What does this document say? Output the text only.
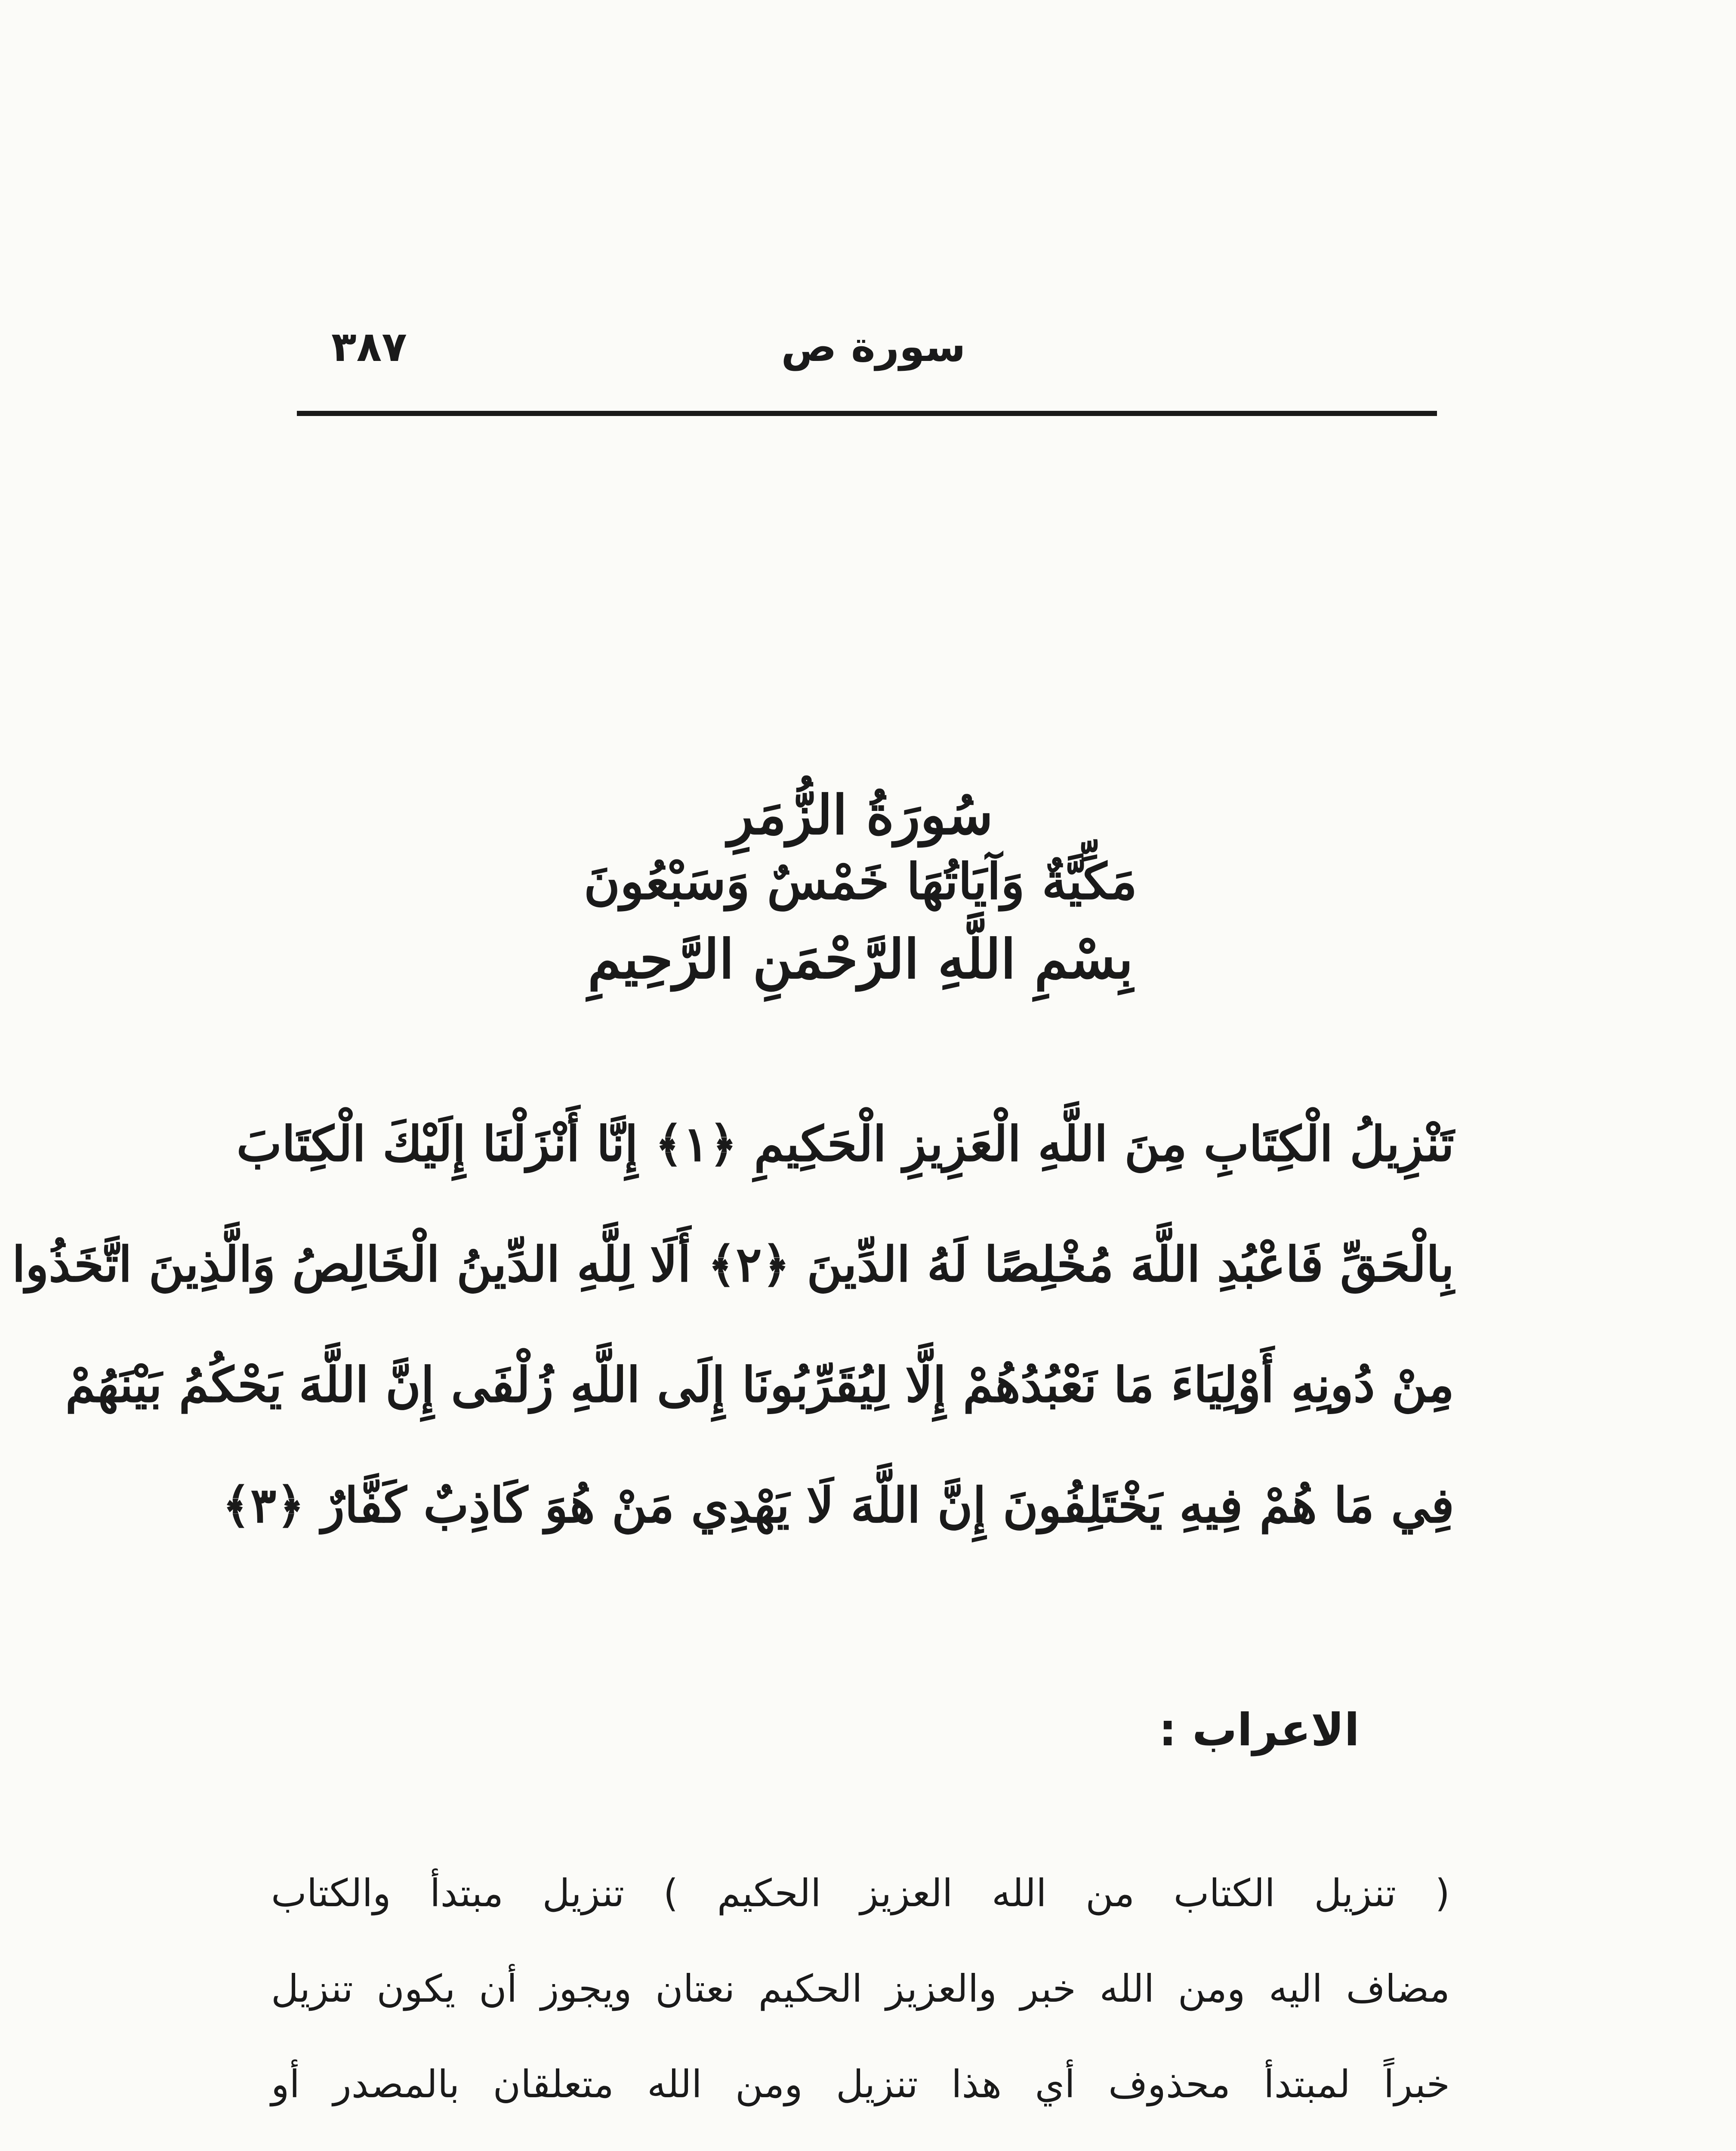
٣٨٧	سورة ص
سُورَةُ الزُّمَرِ
مَكِّيَّةٌ وَآيَاتُهَا خَمْسٌ وَسَبْعُونَ
بِسْمِ اللَّهِ الرَّحْمَنِ الرَّحِيمِ
تَنْزِيلُ الْكِتَابِ مِنَ اللَّهِ الْعَزِيزِ الْحَكِيمِ ﴿١﴾ إِنَّا أَنْزَلْنَا إِلَيْكَ الْكِتَابَ
بِالْحَقِّ فَاعْبُدِ اللَّهَ مُخْلِصًا لَهُ الدِّينَ ﴿٢﴾ أَلَا لِلَّهِ الدِّينُ الْخَالِصُ وَالَّذِينَ اتَّخَذُوا
مِنْ دُونِهِ أَوْلِيَاءَ مَا نَعْبُدُهُمْ إِلَّا لِيُقَرِّبُونَا إِلَى اللَّهِ زُلْفَى إِنَّ اللَّهَ يَحْكُمُ بَيْنَهُمْ
فِي مَا هُمْ فِيهِ يَخْتَلِفُونَ إِنَّ اللَّهَ لَا يَهْدِي مَنْ هُوَ كَاذِبٌ كَفَّارٌ ﴿٣﴾
الاعراب :
( تنزيل الكتاب من الله العزيز الحكيم ) تنزيل مبتدأ والكتاب
مضاف اليه ومن الله خبر والعزيز الحكيم نعتان ويجوز أن يكون تنزيل
خبراً لمبتدأ محذوف أي هذا تنزيل ومن الله متعلقان بالمصدر أو
